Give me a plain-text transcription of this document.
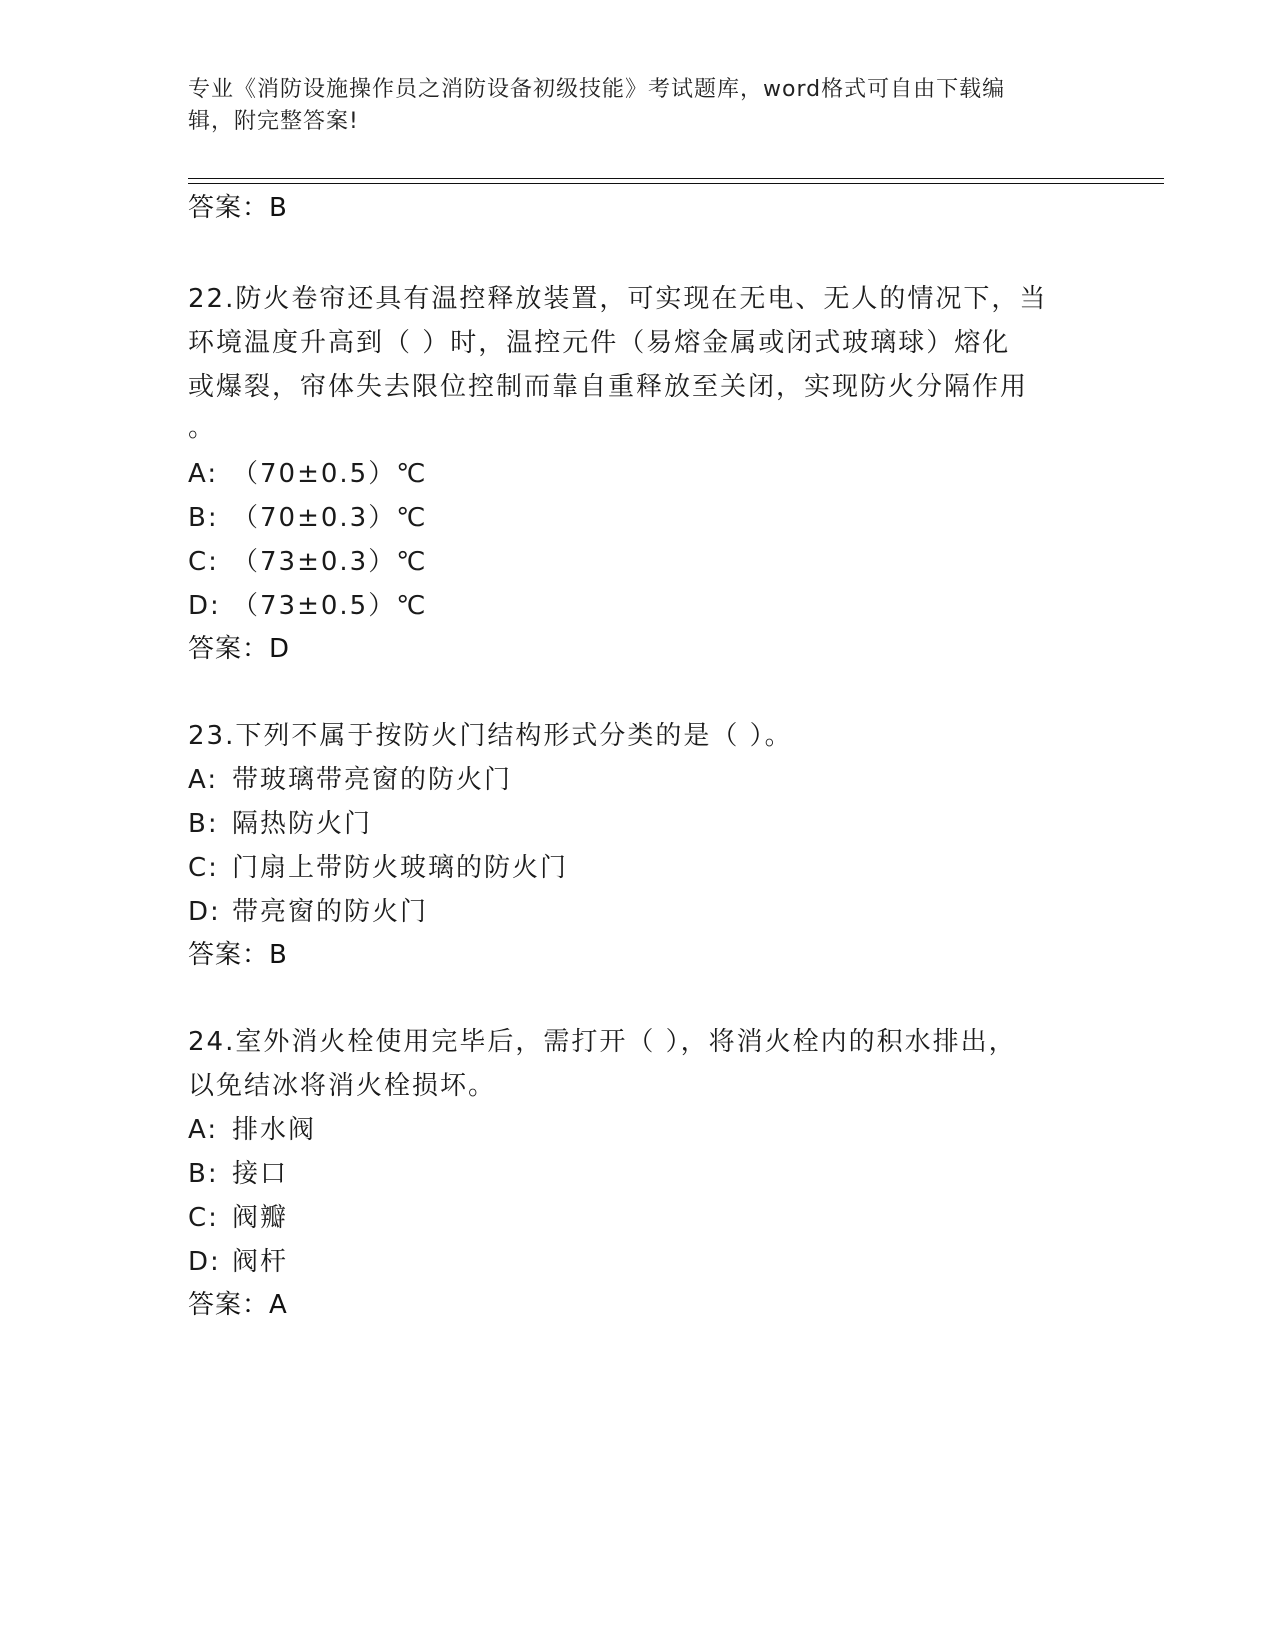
专业《消防设施操作员之消防设备初级技能》考试题库，word格式可自由下载编
辑，附完整答案!
答案：B
22.防火卷帘还具有温控释放装置，可实现在无电、无人的情况下，当
环境温度升高到（ ）时，温控元件（易熔金属或闭式玻璃球）熔化
或爆裂，帘体失去限位控制而靠自重释放至关闭，实现防火分隔作用
。
A: （70±0.5）℃
B: （70±0.3）℃
C: （73±0.3）℃
D: （73±0.5）℃
答案：D
23.下列不属于按防火门结构形式分类的是（ ）。
A: 带玻璃带亮窗的防火门
B: 隔热防火门
C: 门扇上带防火玻璃的防火门
D: 带亮窗的防火门
答案：B
24.室外消火栓使用完毕后，需打开（ ），将消火栓内的积水排出，
以免结冰将消火栓损坏。
A: 排水阀
B: 接口
C: 阀瓣
D: 阀杆
答案：A
